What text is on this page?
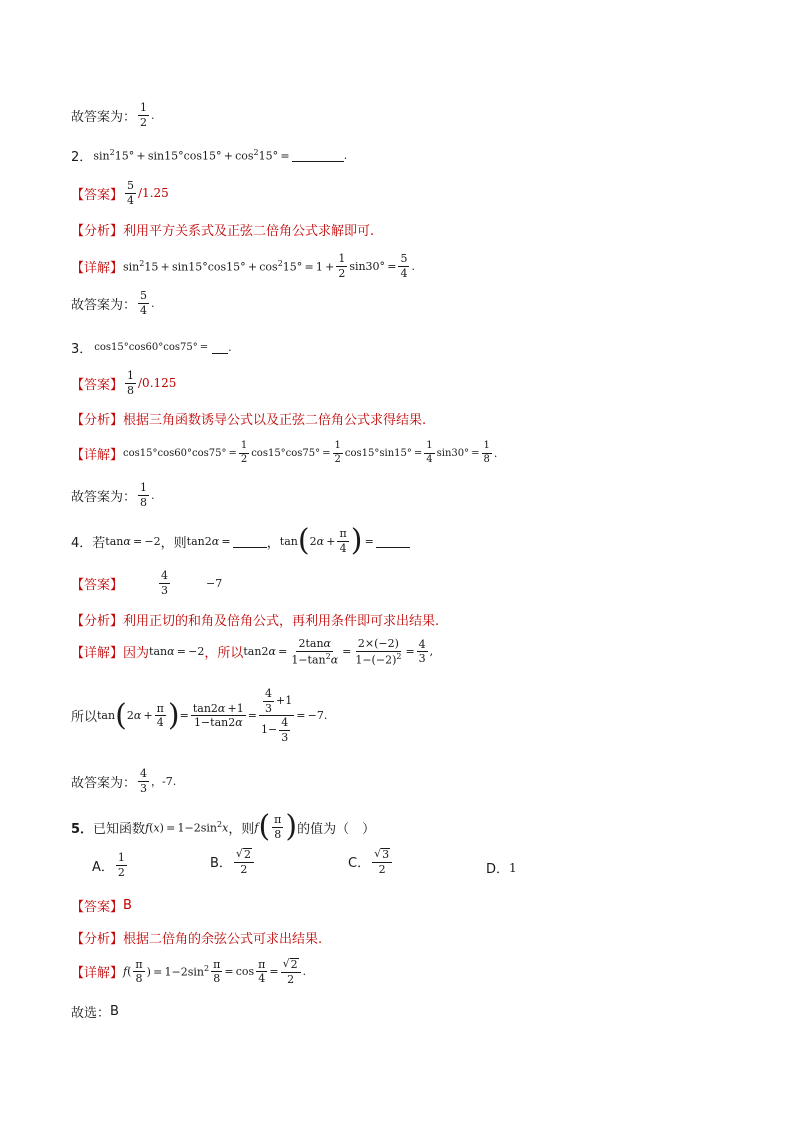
故答案为： $\frac{1}{2}$ .
2．  $\sin^215^\circ + \sin 15^\circ\cos 15^\circ + \cos^215^\circ$ = 	.
【答案】 $\frac{5}{4} /1.25$
【分析】 利用平方关系式及正弦二倍角公式求解即可.
【详解】 $\sin^215 + \sin 15^\circ\cos 15^\circ + \cos^215^\circ = 1 + \frac{1}{2} \sin 30^\circ = \frac{5}{4}$ .
故答案为： $\frac{5}{4}$ .
3．  cos15°cos60°cos75° =   .
【答案】 $\frac{1}{8} /0.125$
【分析】 根据三角函数诱导公式以及正弦二倍角公式求得结果.
【详解】 $\cos 15^\circ\cos 60^\circ\cos 75^\circ = \frac{1}{2} \cos 15^\circ\cos 75^\circ = \frac{1}{2} \cos 15^\circ\sin 15^\circ = \frac{1}{4} \sin 30^\circ = \frac{1}{8}$ .
故答案为： $\frac{1}{8}$ .
4． 若 tanα = −2 ，则 tan2α = 	， tan ( $2\alpha + \frac{\pi}{4}$ )  = 
【答案】	$\frac{4}{3}$	−7
【分析】 利用正切的和角及倍角公式，再利用条件即可求出结果.
【详解】 因为 tanα = −2 ，所以 $\tan 2\alpha = \frac{2\tan\alpha}{1-\tan^2\alpha} = \frac{2\times(-2)}{1-(-2)^2} = \frac{4}{3}$ ,
所以 tan ( $2\alpha + \frac{\pi}{4}$ ) = $\frac{\tan 2\alpha +1}{1-\tan 2\alpha} = \frac{\frac{4}{3} +1}{1- \frac{4}{3}} = -7$ .
故答案为： $\frac{4}{3}$ ，-7.
5． 已知函数 $f(x) = 1-2\sin^2x$ ，则 f ( $\frac{\pi}{8}$ ) 的值为（　）
A． $\frac{1}{2}$	B． $\frac{√ 2}{2}$	C． $\frac{√ 3}{2}$	D． 1
【答案】 B
【分析】 根据二倍角的余弦公式可求出结果.
【详解】 f ( $\frac{\pi}{8}$ ) = $1-2\sin^2 \frac{\pi}{8} = \cos \frac{\pi}{4} = \frac{√ 2}{2}$ .
故选： B
